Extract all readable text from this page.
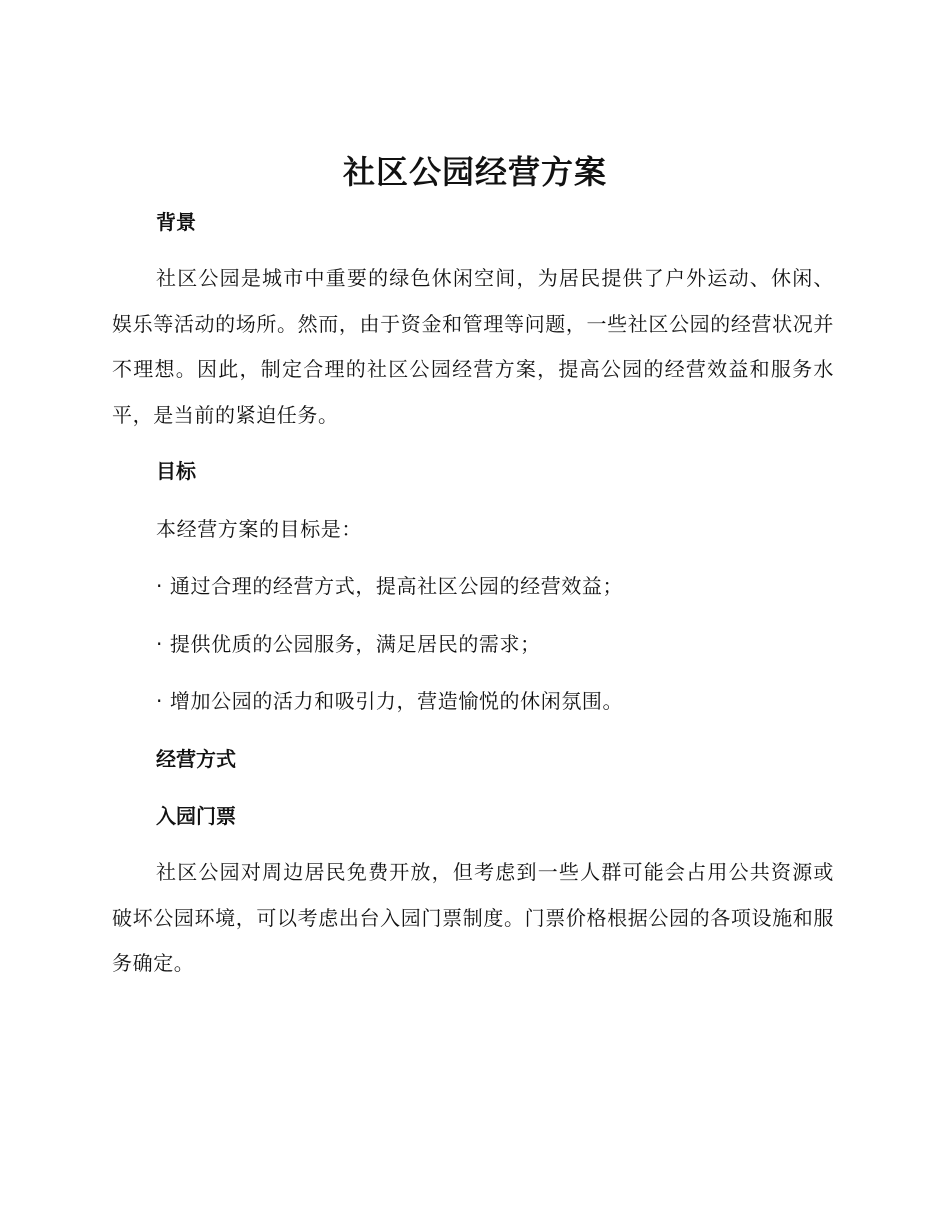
社区公园经营方案
背景

社区公园是城市中重要的绿色休闲空间，为居民提供了户外运动、休闲、娱乐等活动的场所。然而，由于资金和管理等问题，一些社区公园的经营状况并不理想。因此，制定合理的社区公园经营方案，提高公园的经营效益和服务水平，是当前的紧迫任务。

目标

本经营方案的目标是：

· 通过合理的经营方式，提高社区公园的经营效益；

· 提供优质的公园服务，满足居民的需求；

· 增加公园的活力和吸引力，营造愉悦的休闲氛围。

经营方式
入园门票

社区公园对周边居民免费开放，但考虑到一些人群可能会占用公共资源或破坏公园环境，可以考虑出台入园门票制度。门票价格根据公园的各项设施和服务确定。
